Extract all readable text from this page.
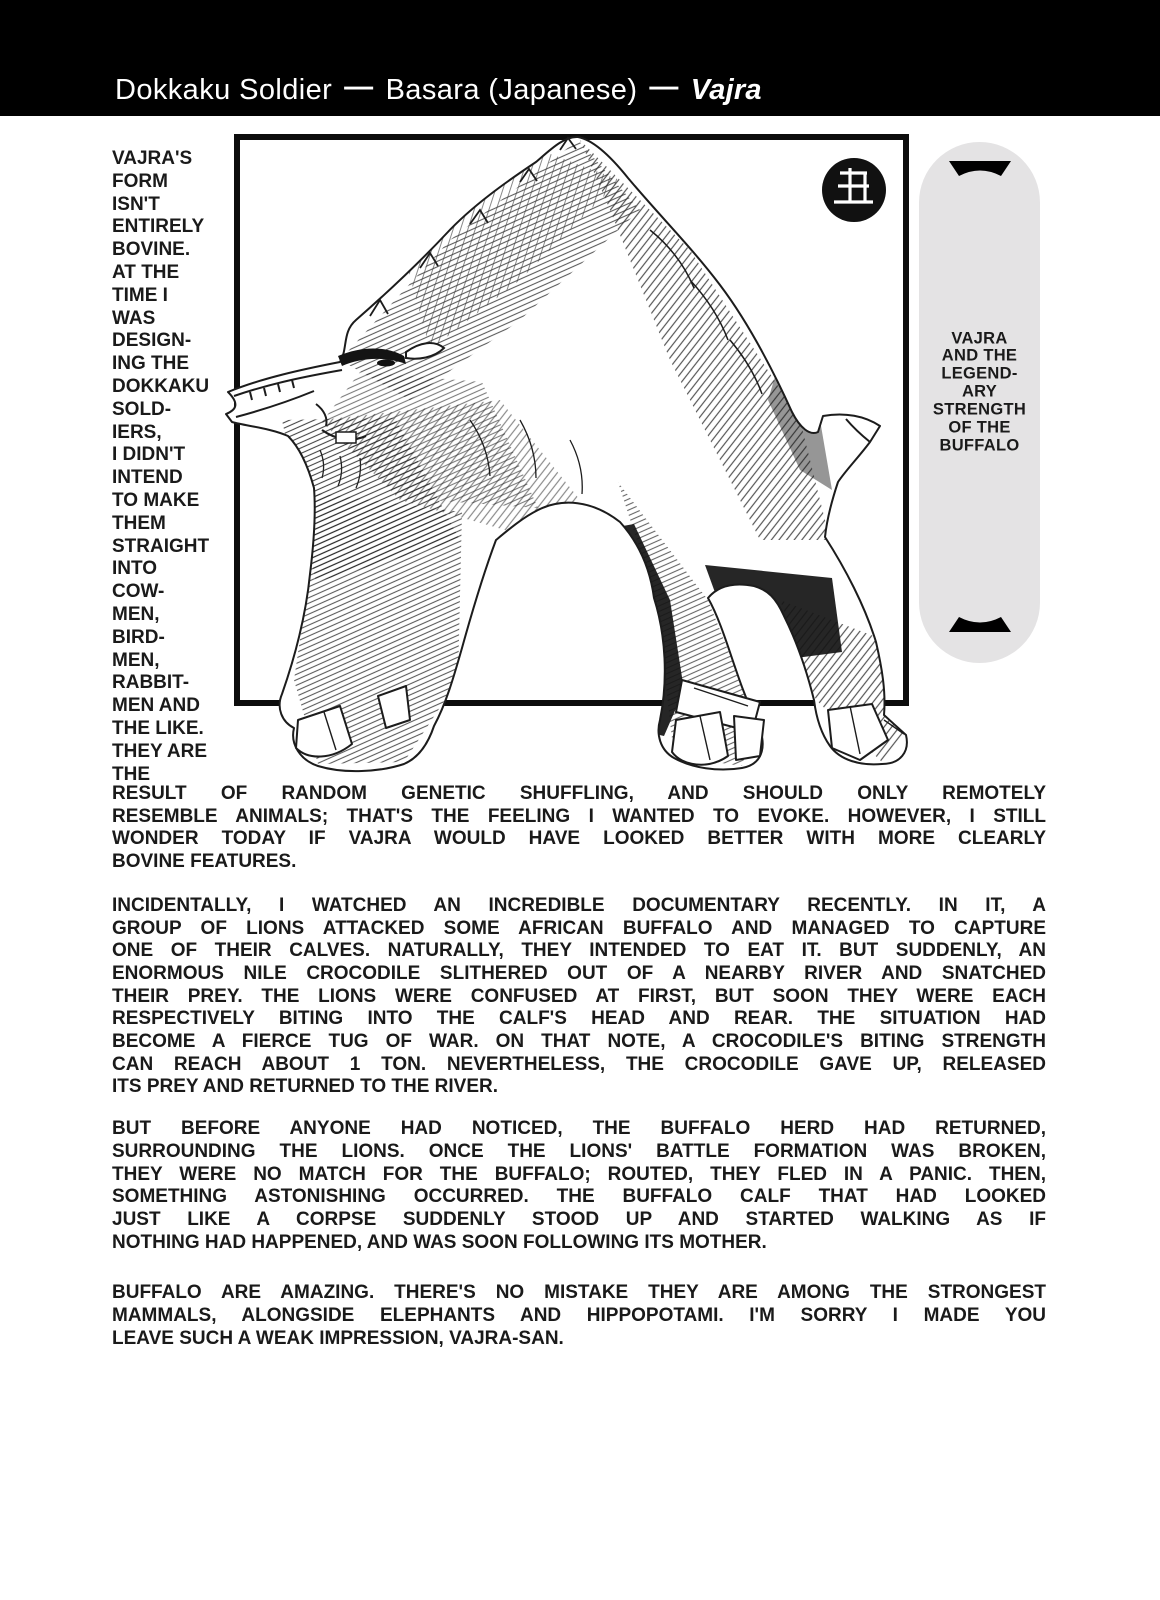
Dokkaku Soldier — Basara (Japanese) — Vajra
VAJRA'S
FORM
ISN'T
ENTIRELY
BOVINE.
AT THE
TIME I
WAS
DESIGN-
ING THE
DOKKAKU
SOLD-
IERS,
I DIDN'T
INTEND
TO MAKE
THEM
STRAIGHT
INTO
COW-
MEN,
BIRD-
MEN,
RABBIT-
MEN AND
THE LIKE.
THEY ARE
THE
VAJRA
AND THE
LEGEND-
ARY
STRENGTH
OF THE
BUFFALO
RESULT OF RANDOM GENETIC SHUFFLING, AND SHOULD ONLY REMOTELY
RESEMBLE ANIMALS; THAT'S THE FEELING I WANTED TO EVOKE. HOWEVER, I STILL
WONDER TODAY IF VAJRA WOULD HAVE LOOKED BETTER WITH MORE CLEARLY
BOVINE FEATURES.
INCIDENTALLY, I WATCHED AN INCREDIBLE DOCUMENTARY RECENTLY. IN IT, A
GROUP OF LIONS ATTACKED SOME AFRICAN BUFFALO AND MANAGED TO CAPTURE
ONE OF THEIR CALVES. NATURALLY, THEY INTENDED TO EAT IT. BUT SUDDENLY, AN
ENORMOUS NILE CROCODILE SLITHERED OUT OF A NEARBY RIVER AND SNATCHED
THEIR PREY. THE LIONS WERE CONFUSED AT FIRST, BUT SOON THEY WERE EACH
RESPECTIVELY BITING INTO THE CALF'S HEAD AND REAR. THE SITUATION HAD
BECOME A FIERCE TUG OF WAR. ON THAT NOTE, A CROCODILE'S BITING STRENGTH
CAN REACH ABOUT 1 TON. NEVERTHELESS, THE CROCODILE GAVE UP, RELEASED
ITS PREY AND RETURNED TO THE RIVER.
BUT BEFORE ANYONE HAD NOTICED, THE BUFFALO HERD HAD RETURNED,
SURROUNDING THE LIONS. ONCE THE LIONS' BATTLE FORMATION WAS BROKEN,
THEY WERE NO MATCH FOR THE BUFFALO; ROUTED, THEY FLED IN A PANIC. THEN,
SOMETHING ASTONISHING OCCURRED. THE BUFFALO CALF THAT HAD LOOKED
JUST LIKE A CORPSE SUDDENLY STOOD UP AND STARTED WALKING AS IF
NOTHING HAD HAPPENED, AND WAS SOON FOLLOWING ITS MOTHER.
BUFFALO ARE AMAZING. THERE'S NO MISTAKE THEY ARE AMONG THE STRONGEST
MAMMALS, ALONGSIDE ELEPHANTS AND HIPPOPOTAMI. I'M SORRY I MADE YOU
LEAVE SUCH A WEAK IMPRESSION, VAJRA-SAN.
